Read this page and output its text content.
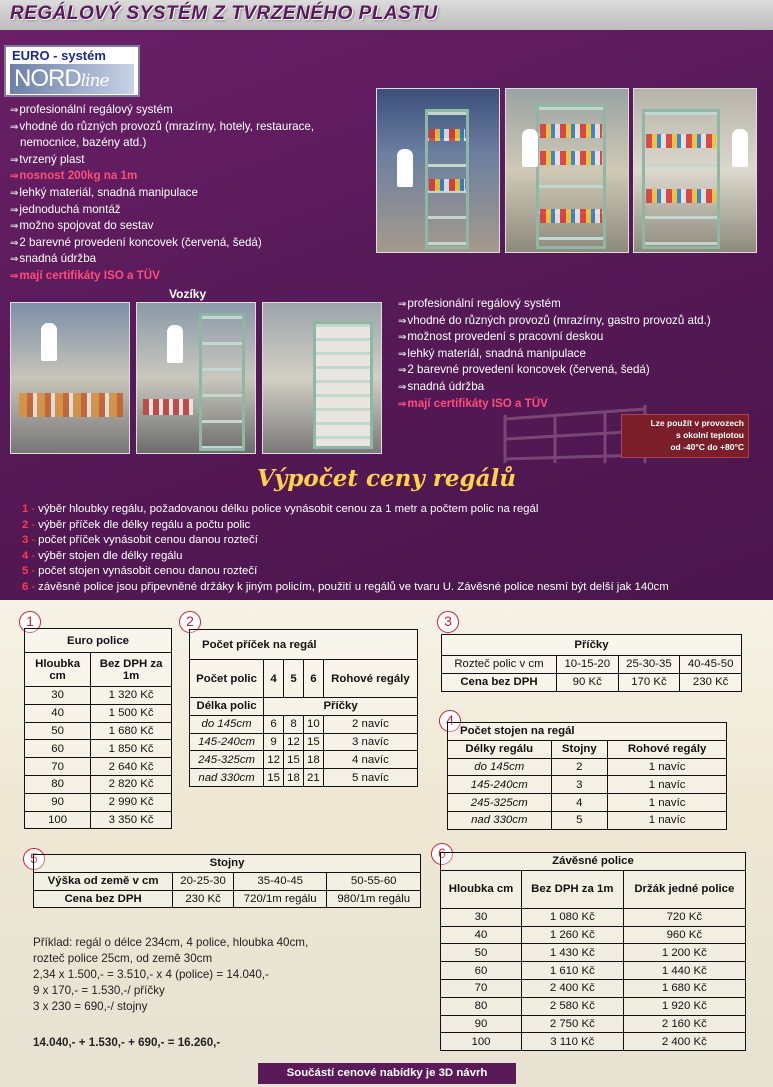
REGÁLOVÝ SYSTÉM Z TVRZENÉHO PLASTU
EURO - systém
NORDline
⇒ profesionální regálový systém
⇒ vhodné do různých provozů (mrazírny, hotely, restaurace,
nemocnice, bazény atd.)
⇒ tvrzený plast
⇒ nosnost 200kg na 1m
⇒ lehký materiál, snadná manipulace
⇒ jednoduchá montáž
⇒ možno spojovat do sestav
⇒ 2 barevné provedení koncovek (červená, šedá)
⇒ snadná údržba
⇒ mají certifikáty ISO a TÜV
Vozíky
⇒ profesionální regálový systém
⇒ vhodné do různých provozů (mrazírny, gastro provozů atd.)
⇒ možnost provedení s pracovní deskou
⇒ lehký materiál, snadná manipulace
⇒ 2 barevné provedení koncovek (červená, šedá)
⇒ snadná údržba
⇒ mají certifikáty ISO a TÜV
Lze použít v provozech
s okolní teplotou
od -40°C do +80°C
Výpočet ceny regálů
1 - výběr hloubky regálu, požadovanou délku police vynásobit cenou za 1 metr a počtem polic na regál
2 - výběr příček dle délky regálu a počtu polic
3 - počet příček vynásobit cenou danou roztečí
4 - výběr stojen dle délky regálu
5 - počet stojen vynásobit cenou danou roztečí
6 - závěsné police jsou připevněné držáky k jiným policím, použití u regálů ve tvaru U. Závěsné police nesmí být delší jak 140cm
1
Euro police	
Hloubka cm	Bez DPH za 1m
30	1 320 Kč
40	1 500 Kč
50	1 680 Kč
60	1 850 Kč
70	2 640 Kč
80	2 820 Kč
90	2 990 Kč
100	3 350 Kč
2
Počet příček na regál				
Počet polic	4	5	6	Rohové regály
Délka polic	Příčky			
do 145cm	6	8	10	2 navíc
145-240cm	9	12	15	3 navíc
245-325cm	12	15	18	4 navíc
nad 330cm	15	18	21	5 navíc
3
Příčky			
Rozteč polic v cm	10-15-20	25-30-35	40-45-50
Cena bez DPH	90 Kč	170 Kč	230 Kč
4
Počet stojen na regál		
Délky regálu	Stojny	Rohové regály
do 145cm	2	1 navíc
145-240cm	3	1 navíc
245-325cm	4	1 navíc
nad 330cm	5	1 navíc
5	Stojny			
Výška od země v cm	20-25-30	35-40-45	50-55-60
Cena bez DPH	230 Kč	720/1m regálu	980/1m regálu
6
Závěsné police		
Hloubka cm	Bez DPH za 1m	Držák jedné police
30	1 080 Kč	720 Kč
40	1 260 Kč	960 Kč
50	1 430 Kč	1 200 Kč
60	1 610 Kč	1 440 Kč
70	2 400 Kč	1 680 Kč
80	2 580 Kč	1 920 Kč
90	2 750 Kč	2 160 Kč
100	3 110 Kč	2 400 Kč
Příklad: regál o délce 234cm, 4 police, hloubka 40cm,
rozteč police 25cm, od země 30cm
2,34 x 1.500,- = 3.510,- x 4 (police) = 14.040,-
9 x 170,- = 1.530,-/ příčky
3 x 230 = 690,-/ stojny
14.040,- + 1.530,- + 690,- = 16.260,-
Součástí cenové nabídky je 3D návrh
